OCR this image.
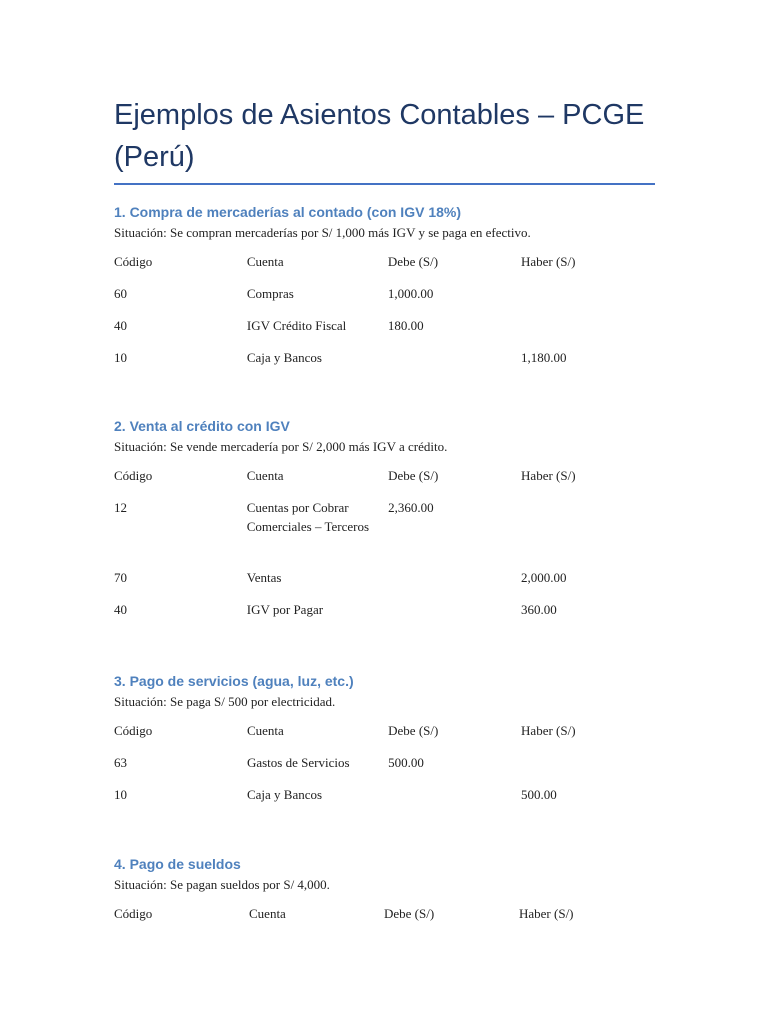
Ejemplos de Asientos Contables – PCGE (Perú)
1. Compra de mercaderías al contado (con IGV 18%)

Situación: Se compran mercaderías por S/ 1,000 más IGV y se paga en efectivo.

Código	Cuenta	Debe (S/)	Haber (S/)
60	Compras	1,000.00	
40	IGV Crédito Fiscal	180.00	
10	Caja y Bancos		1,180.00
2. Venta al crédito con IGV

Situación: Se vende mercadería por S/ 2,000 más IGV a crédito.

Código	Cuenta	Debe (S/)	Haber (S/)
12	Cuentas por Cobrar Comerciales – Terceros	2,360.00	
70	Ventas		2,000.00
40	IGV por Pagar		360.00
3. Pago de servicios (agua, luz, etc.)

Situación: Se paga S/ 500 por electricidad.

Código	Cuenta	Debe (S/)	Haber (S/)
63	Gastos de Servicios	500.00	
10	Caja y Bancos		500.00
4. Pago de sueldos

Situación: Se pagan sueldos por S/ 4,000.

Código	Cuenta	Debe (S/)	Haber (S/)
